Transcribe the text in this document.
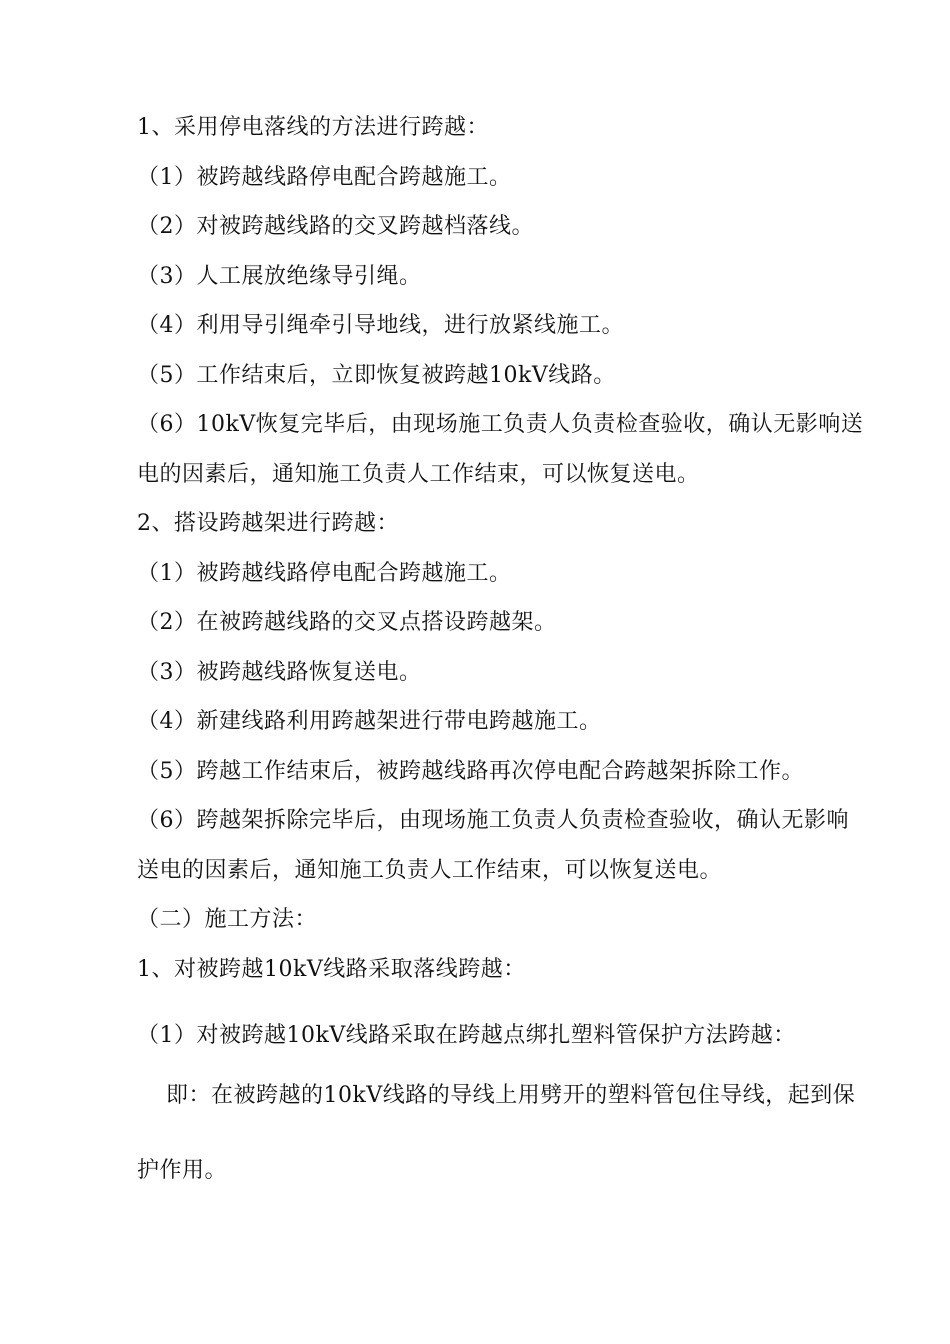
1、采用停电落线的方法进行跨越：
（1）被跨越线路停电配合跨越施工。
（2）对被跨越线路的交叉跨越档落线。
（3）人工展放绝缘导引绳。
（4）利用导引绳牵引导地线，进行放紧线施工。
（5）工作结束后，立即恢复被跨越10kV线路。
（6）10kV恢复完毕后，由现场施工负责人负责检查验收，确认无影响送
电的因素后，通知施工负责人工作结束，可以恢复送电。
2、搭设跨越架进行跨越：
（1）被跨越线路停电配合跨越施工。
（2）在被跨越线路的交叉点搭设跨越架。
（3）被跨越线路恢复送电。
（4）新建线路利用跨越架进行带电跨越施工。
（5）跨越工作结束后，被跨越线路再次停电配合跨越架拆除工作。
（6）跨越架拆除完毕后，由现场施工负责人负责检查验收，确认无影响
送电的因素后，通知施工负责人工作结束，可以恢复送电。
（二）施工方法：
1、对被跨越10kV线路采取落线跨越：
（1）对被跨越10kV线路采取在跨越点绑扎塑料管保护方法跨越：
即：在被跨越的10kV线路的导线上用劈开的塑料管包住导线，起到保
护作用。
